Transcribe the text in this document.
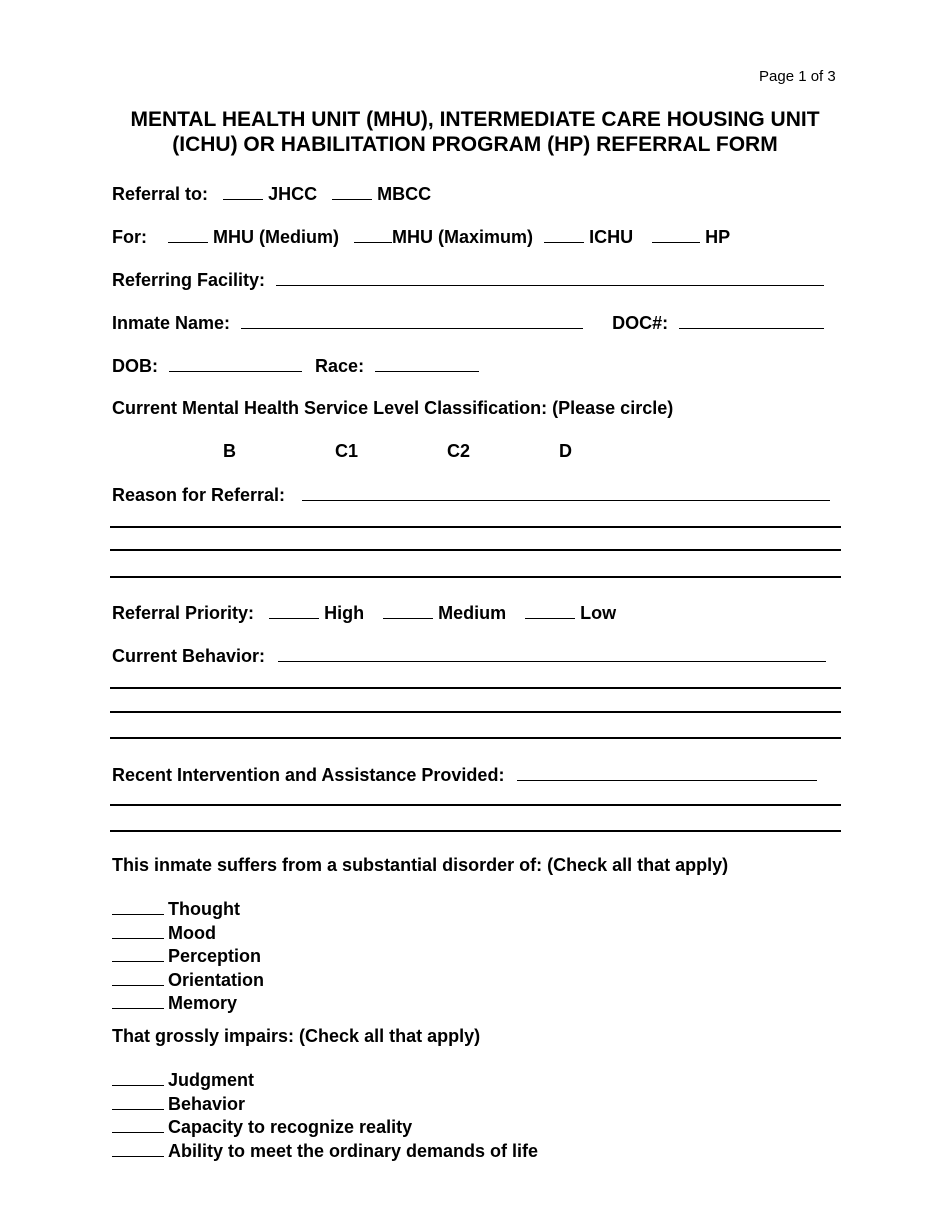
Page 1 of 3
MENTAL HEALTH UNIT (MHU), INTERMEDIATE CARE HOUSING UNIT
(ICHU) OR HABILITATION PROGRAM (HP) REFERRAL FORM
Referral to:	JHCC	MBCC
For:	MHU (Medium)	MHU (Maximum)	ICHU	HP
Referring Facility:
Inmate Name:	DOC#:
DOB:	Race:
Current Mental Health Service Level Classification: (Please circle)
B	C1	C2	D
Reason for Referral:
Referral Priority:	High	Medium	Low
Current Behavior:
Recent Intervention and Assistance Provided:
This inmate suffers from a substantial disorder of: (Check all that apply)
Thought
Mood
Perception
Orientation
Memory
That grossly impairs: (Check all that apply)
Judgment
Behavior
Capacity to recognize reality
Ability to meet the ordinary demands of life
